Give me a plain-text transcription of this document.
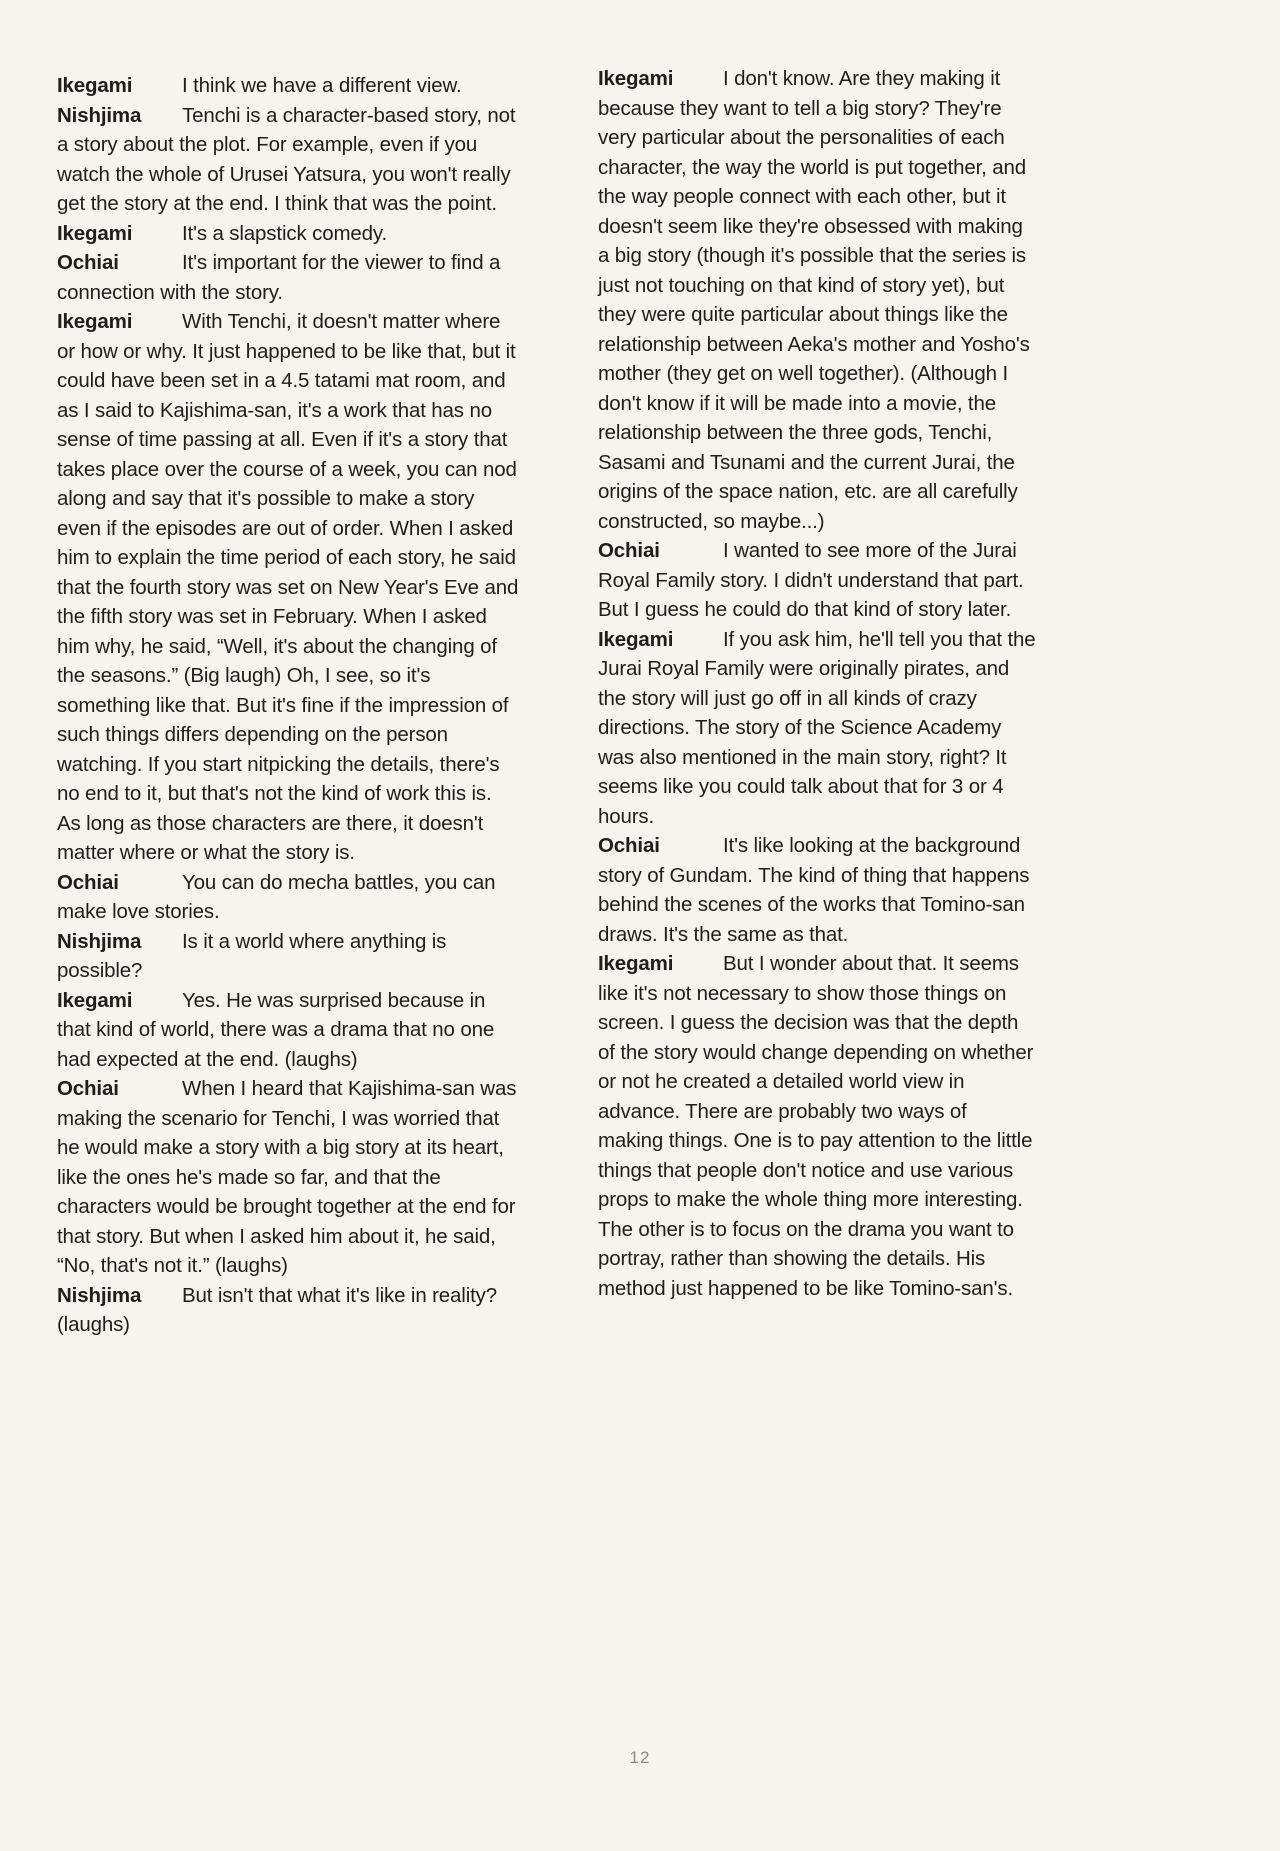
Ikegami I think we have a different view.

Nishjima Tenchi is a character-based story, not a story about the plot. For example, even if you watch the whole of Urusei Yatsura, you won't really get the story at the end. I think that was the point.

Ikegami It's a slapstick comedy.

Ochiai	It's important for the viewer to find a connection with the story.

Ikegami With Tenchi, it doesn't matter where or how or why. It just happened to be like that, but it could have been set in a 4.5 tatami mat room, and as I said to Kajishima-san, it's a work that has no sense of time passing at all. Even if it's a story that takes place over the course of a week, you can nod along and say that it's possible to make a story even if the episodes are out of order. When I asked him to explain the time period of each story, he said that the fourth story was set on New Year's Eve and the fifth story was set in February. When I asked him why, he said, “Well, it's about the changing of the seasons.” (Big laugh) Oh, I see, so it's something like that. But it's fine if the impression of such things differs depending on the person watching. If you start nitpicking the details, there's no end to it, but that's not the kind of work this is. As long as those characters are there, it doesn't matter where or what the story is.

Ochiai	You can do mecha battles, you can make love stories.

Nishjima Is it a world where anything is possible?

Ikegami Yes. He was surprised because in that kind of world, there was a drama that no one had expected at the end. (laughs)

Ochiai	When I heard that Kajishima-san was making the scenario for Tenchi, I was worried that he would make a story with a big story at its heart, like the ones he's made so far, and that the characters would be brought together at the end for that story. But when I asked him about it, he said, “No, that's not it.” (laughs)

Nishjima But isn't that what it's like in reality? (laughs)

Ikegami I don't know. Are they making it because they want to tell a big story? They're very particular about the personalities of each character, the way the world is put together, and the way people connect with each other, but it doesn't seem like they're obsessed with making a big story (though it's possible that the series is just not touching on that kind of story yet), but they were quite particular about things like the relationship between Aeka's mother and Yosho's mother (they get on well together). (Although I don't know if it will be made into a movie, the relationship between the three gods, Tenchi, Sasami and Tsunami and the current Jurai, the origins of the space nation, etc. are all carefully constructed, so maybe...)

Ochiai	I wanted to see more of the Jurai Royal Family story. I didn't understand that part. But I guess he could do that kind of story later.

Ikegami If you ask him, he'll tell you that the Jurai Royal Family were originally pirates, and the story will just go off in all kinds of crazy directions. The story of the Science Academy was also mentioned in the main story, right? It seems like you could talk about that for 3 or 4 hours.

Ochiai	It's like looking at the background story of Gundam. The kind of thing that happens behind the scenes of the works that Tomino-san draws. It's the same as that.

Ikegami But I wonder about that. It seems like it's not necessary to show those things on screen. I guess the decision was that the depth of the story would change depending on whether or not he created a detailed world view in advance. There are probably two ways of making things. One is to pay attention to the little things that people don't notice and use various props to make the whole thing more interesting. The other is to focus on the drama you want to portray, rather than showing the details. His method just happened to be like Tomino-san's.

12
